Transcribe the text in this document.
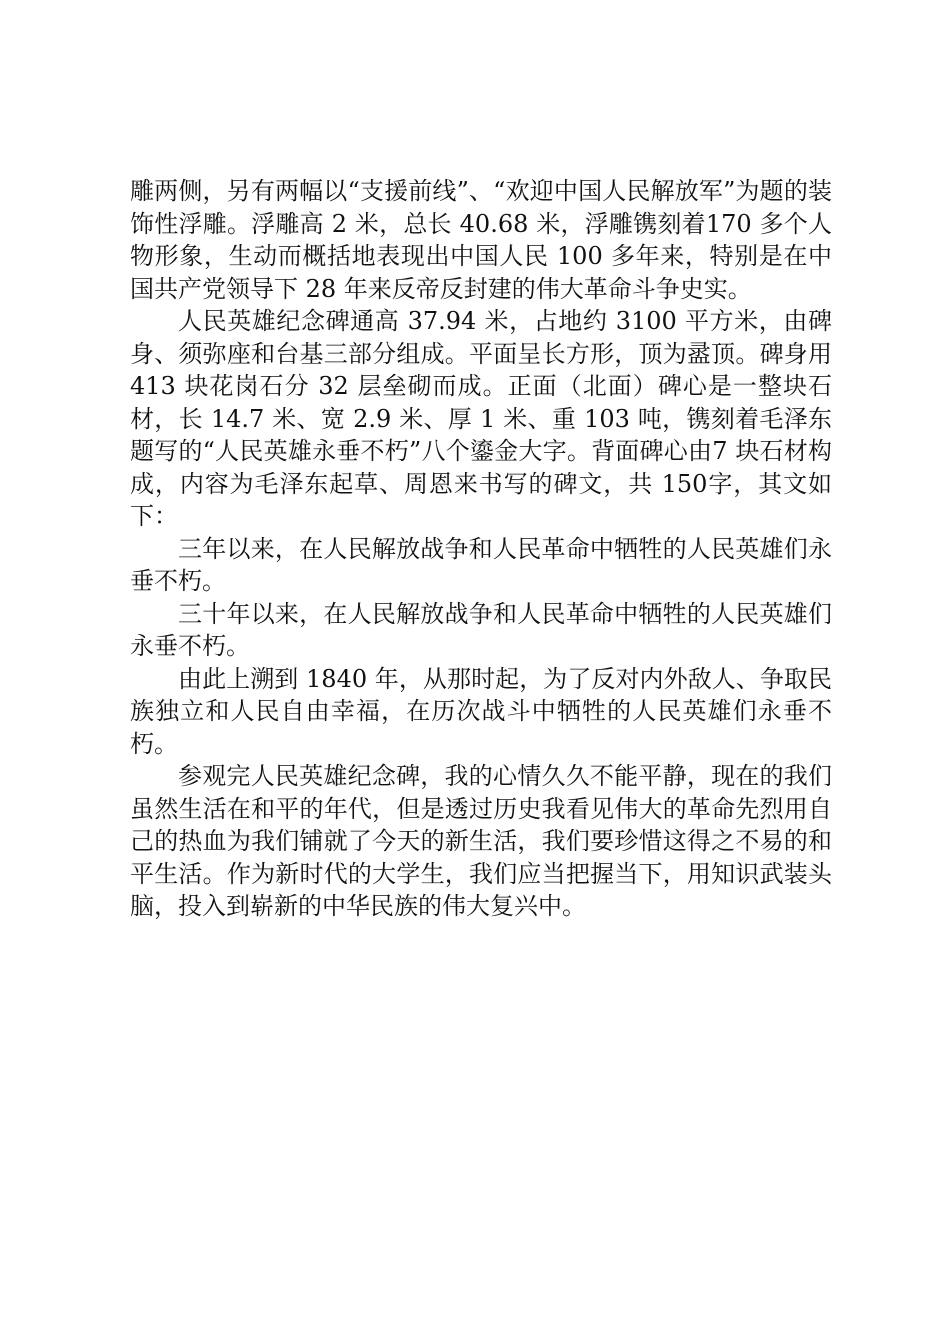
雕两侧，另有两幅以“支援前线”、“欢迎中国人民解放军”为题的装饰性浮雕。浮雕高 2 米，总长 40.68 米，浮雕镌刻着170 多个人物形象，生动而概括地表现出中国人民 100 多年来，特别是在中国共产党领导下 28 年来反帝反封建的伟大革命斗争史实。

人民英雄纪念碑通高 37.94 米，占地约 3100 平方米，由碑身、须弥座和台基三部分组成。平面呈长方形，顶为盝顶。碑身用 413 块花岗石分 32 层垒砌而成。正面（北面）碑心是一整块石材，长 14.7 米、宽 2.9 米、厚 1 米、重 103 吨，镌刻着毛泽东题写的“人民英雄永垂不朽”八个鎏金大字。背面碑心由7 块石材构成，内容为毛泽东起草、周恩来书写的碑文，共 150字，其文如下：

三年以来，在人民解放战争和人民革命中牺牲的人民英雄们永垂不朽。

三十年以来，在人民解放战争和人民革命中牺牲的人民英雄们永垂不朽。

由此上溯到 1840 年，从那时起，为了反对内外敌人、争取民族独立和人民自由幸福，在历次战斗中牺牲的人民英雄们永垂不朽。

参观完人民英雄纪念碑，我的心情久久不能平静，现在的我们虽然生活在和平的年代，但是透过历史我看见伟大的革命先烈用自己的热血为我们铺就了今天的新生活，我们要珍惜这得之不易的和平生活。作为新时代的大学生，我们应当把握当下，用知识武装头脑，投入到崭新的中华民族的伟大复兴中。
